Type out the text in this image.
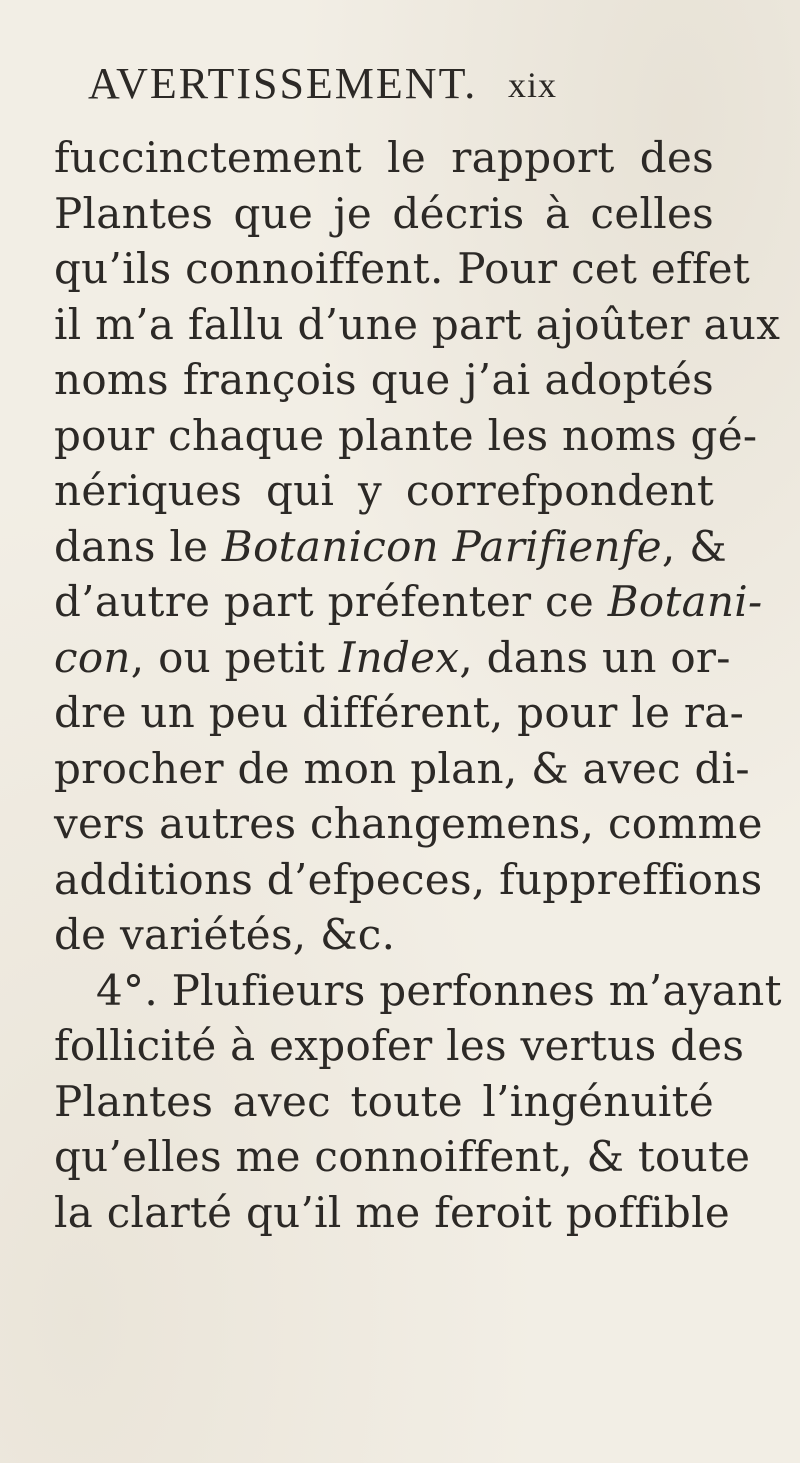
AVERTISSEMENT. xix
fuccinctement le rapport des
Plantes que je décris à celles
qu’ils connoiffent. Pour cet effet
il m’a fallu d’une part ajoûter aux
noms françois que j’ai adoptés
pour chaque plante les noms gé-
nériques qui y correfpondent
dans le Botanicon Parifienfe, &
d’autre part préfenter ce Botani-
con, ou petit Index, dans un or-
dre un peu différent, pour le ra-
procher de mon plan, & avec di-
vers autres changemens, comme
additions d’efpeces, fuppreffions
de variétés, &c.
4°. Plufieurs perfonnes m’ayant
follicité à expofer les vertus des
Plantes avec toute l’ingénuité
qu’elles me connoiffent, & toute
la clarté qu’il me feroit poffible
